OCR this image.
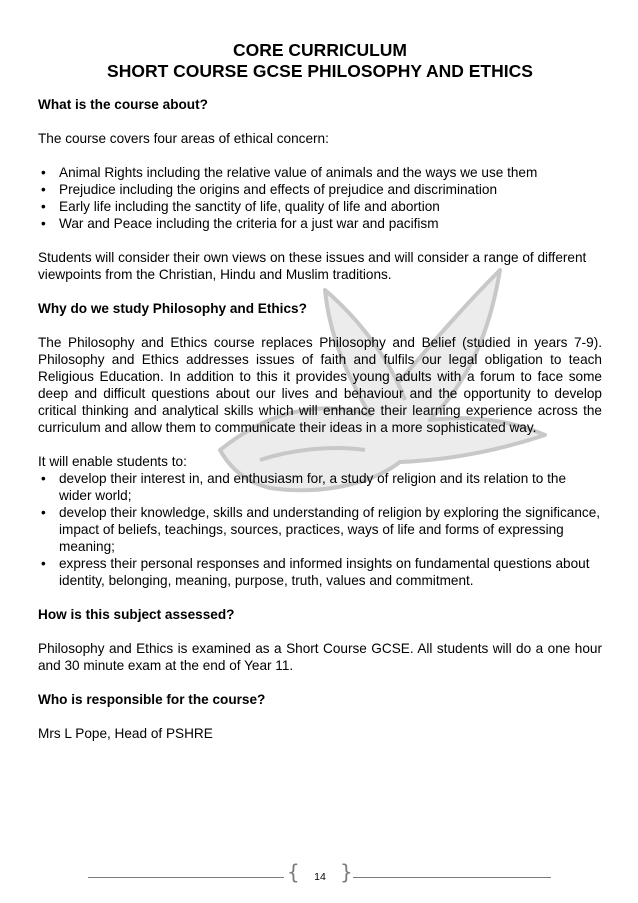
CORE CURRICULUM
SHORT COURSE GCSE PHILOSOPHY AND ETHICS
What is the course about?

The course covers four areas of ethical concern:

• Animal Rights including the relative value of animals and the ways we use them
• Prejudice including the origins and effects of prejudice and discrimination
• Early life including the sanctity of life, quality of life and abortion
• War and Peace including the criteria for a just war and pacifism

Students will consider their own views on these issues and will consider a range of different viewpoints from the Christian, Hindu and Muslim traditions.

Why do we study Philosophy and Ethics?

The Philosophy and Ethics course replaces Philosophy and Belief (studied in years 7-9). Philosophy and Ethics addresses issues of faith and fulfils our legal obligation to teach Religious Education. In addition to this it provides young adults with a forum to face some deep and difficult questions about our lives and behaviour and the opportunity to develop critical thinking and analytical skills which will enhance their learning experience across the curriculum and allow them to communicate their ideas in a more sophisticated way.

It will enable students to:

• develop their interest in, and enthusiasm for, a study of religion and its relation to the wider world;
• develop their knowledge, skills and understanding of religion by exploring the significance, impact of beliefs, teachings, sources, practices, ways of life and forms of expressing meaning;
• express their personal responses and informed insights on fundamental questions about identity, belonging, meaning, purpose, truth, values and commitment.
How is this subject assessed?

Philosophy and Ethics is examined as a Short Course GCSE. All students will do a one hour and 30 minute exam at the end of Year 11.

Who is responsible for the course?

Mrs L Pope, Head of PSHRE

{	14 }
